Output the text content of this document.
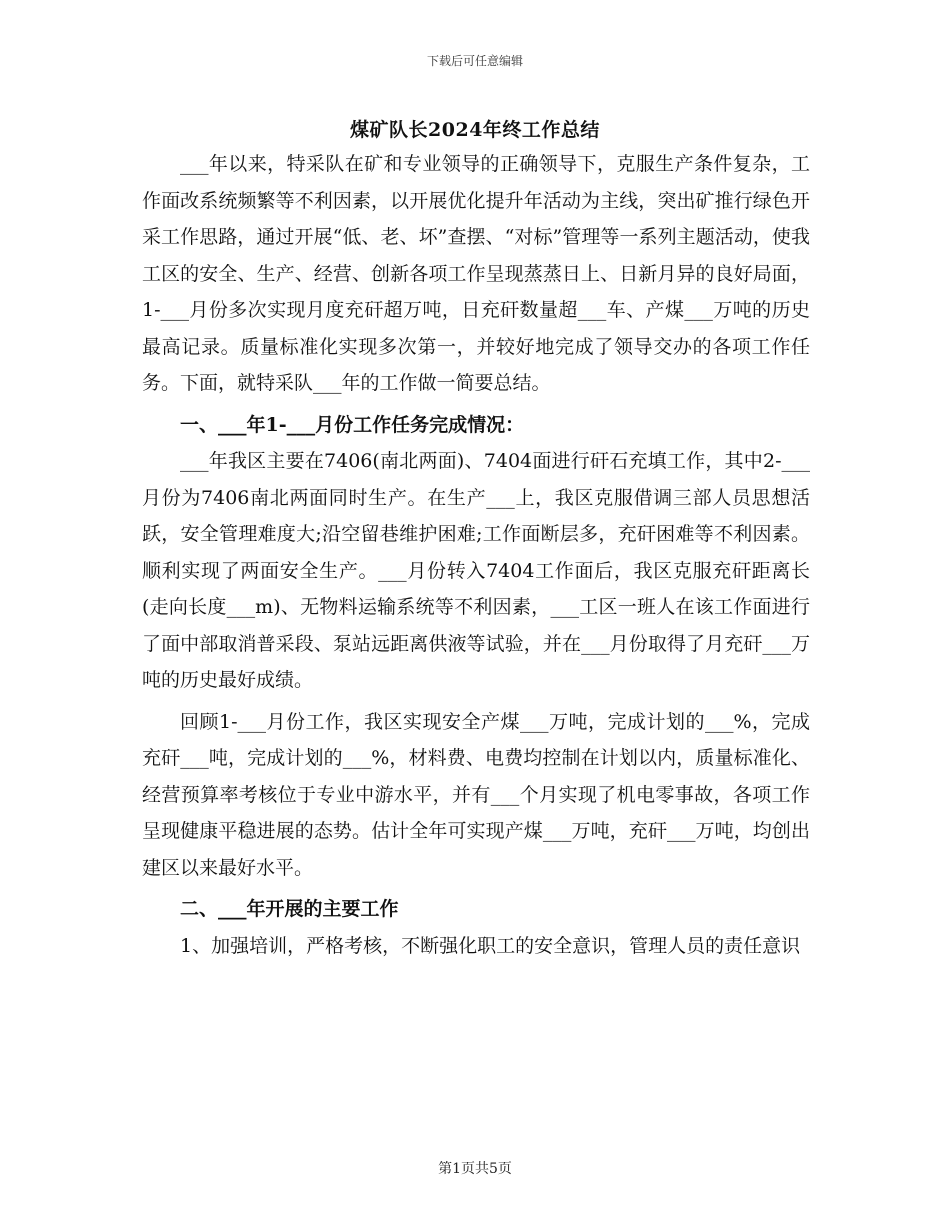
下载后可任意编辑
煤矿队长2024年终工作总结

___年以来，特采队在矿和专业领导的正确领导下，克服生产条件复杂，工作面改系统频繁等不利因素，以开展优化提升年活动为主线，突出矿推行绿色开采工作思路，通过开展“低、老、坏”查摆、“对标”管理等一系列主题活动，使我工区的安全、生产、经营、创新各项工作呈现蒸蒸日上、日新月异的良好局面，1-___月份多次实现月度充矸超万吨，日充矸数量超___车、产煤___万吨的历史最高记录。质量标准化实现多次第一，并较好地完成了领导交办的各项工作任务。下面，就特采队___年的工作做一简要总结。

一、___年1-___月份工作任务完成情况：

___年我区主要在7406(南北两面)、7404面进行矸石充填工作，其中2-___月份为7406南北两面同时生产。在生产___上，我区克服借调三部人员思想活跃，安全管理难度大;沿空留巷维护困难;工作面断层多，充矸困难等不利因素。顺利实现了两面安全生产。___月份转入7404工作面后，我区克服充矸距离长(走向长度___m)、无物料运输系统等不利因素，___工区一班人在该工作面进行了面中部取消普采段、泵站远距离供液等试验，并在___月份取得了月充矸___万吨的历史最好成绩。

回顾1-___月份工作，我区实现安全产煤___万吨，完成计划的___%，完成充矸___吨，完成计划的___%，材料费、电费均控制在计划以内，质量标准化、经营预算率考核位于专业中游水平，并有___个月实现了机电零事故，各项工作呈现健康平稳进展的态势。估计全年可实现产煤___万吨，充矸___万吨，均创出建区以来最好水平。

二、___年开展的主要工作

1、加强培训，严格考核，不断强化职工的安全意识，管理人员的责任意识

第1页共5页
